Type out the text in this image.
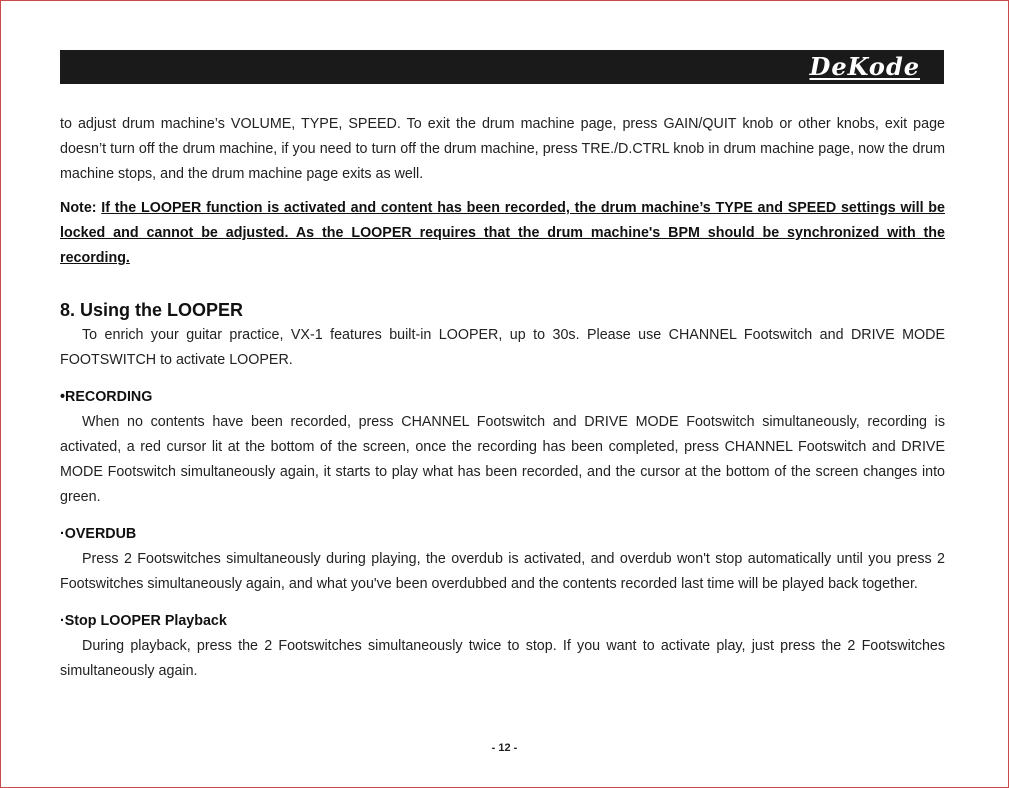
DeKode

to adjust drum machine’s VOLUME, TYPE, SPEED. To exit the drum machine page, press GAIN/QUIT knob or other knobs, exit page doesn’t turn off the drum machine, if you need to turn off the drum machine, press TRE./D.CTRL knob in drum machine page, now the drum machine stops, and the drum machine page exits as well.

Note: If the LOOPER function is activated and content has been recorded, the drum machine’s TYPE and SPEED settings will be locked and cannot be adjusted. As the LOOPER requires that the drum machine's BPM should be synchronized with the recording.

8. Using the LOOPER

To enrich your guitar practice, VX-1 features built-in LOOPER, up to 30s. Please use CHANNEL Footswitch and DRIVE MODE FOOTSWITCH to activate LOOPER.

•RECORDING

When no contents have been recorded, press CHANNEL Footswitch and DRIVE MODE Footswitch simultaneously, recording is activated, a red cursor lit at the bottom of the screen, once the recording has been completed, press CHANNEL Footswitch and DRIVE MODE Footswitch simultaneously again, it starts to play what has been recorded, and the cursor at the bottom of the screen changes into green.

·OVERDUB

Press 2 Footswitches simultaneously during playing, the overdub is activated, and overdub won't stop automatically until you press 2 Footswitches simultaneously again, and what you've been overdubbed and the contents recorded last time will be played back together.

·Stop LOOPER Playback

During playback, press the 2 Footswitches simultaneously twice to stop. If you want to activate play, just press the 2 Footswitches simultaneously again.

- 12 -
